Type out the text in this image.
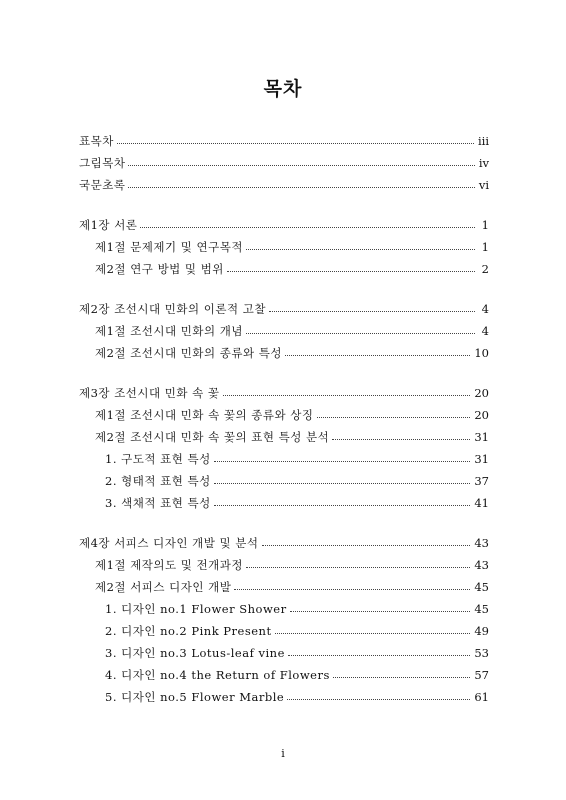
목차
표목차	ⅲ
그림목차	ⅳ
국문초록	ⅵ
제1장 서론	1
제1절 문제제기 및 연구목적	1
제2절 연구 방법 및 범위	2
제2장 조선시대 민화의 이론적 고찰	4
제1절 조선시대 민화의 개념	4
제2절 조선시대 민화의 종류와 특성	10
제3장 조선시대 민화 속 꽃	20
제1절 조선시대 민화 속 꽃의 종류와 상징	20
제2절 조선시대 민화 속 꽃의 표현 특성 분석	31
1. 구도적 표현 특성	31
2. 형태적 표현 특성	37
3. 색채적 표현 특성	41
제4장 서피스 디자인 개발 및 분석	43
제1절 제작의도 및 전개과정	43
제2절 서피스 디자인 개발	45
1. 디자인 no.1 Flower Shower	45
2. 디자인 no.2 Pink Present	49
3. 디자인 no.3 Lotus-leaf vine	53
4. 디자인 no.4 the Return of Flowers	57
5. 디자인 no.5 Flower Marble	61
i
